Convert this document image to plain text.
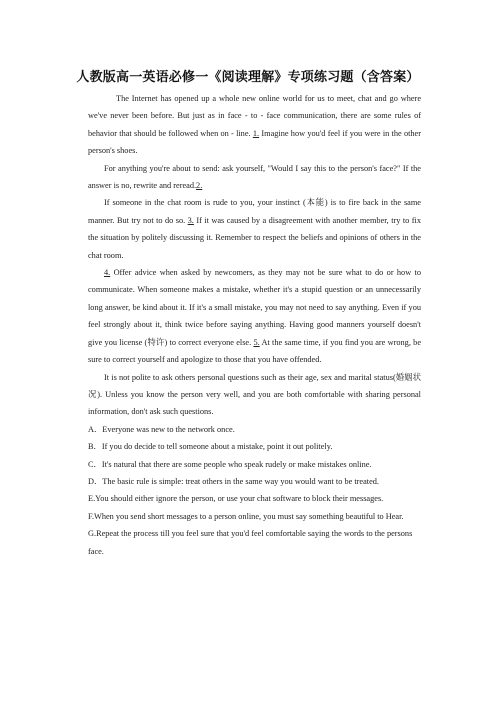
人教版高一英语必修一《阅读理解》专项练习题（含答案）

The Internet has opened up a whole new online world for us to meet, chat and go where we've never been before. But just as in face - to - face communication, there are some rules of behavior that should be followed when on - line. 1. Imagine how you'd feel if you were in the other person's shoes.

For anything you're about to send: ask yourself, "Would I say this to the person's face?" If the answer is no, rewrite and reread.2.

If someone in the chat room is rude to you, your instinct (本能) is to fire back in the same manner. But try not to do so. 3. If it was caused by a disagreement with another member, try to fix the situation by politely discussing it. Remember to respect the beliefs and opinions of others in the chat room.

4. Offer advice when asked by newcomers, as they may not be sure what to do or how to communicate. When someone makes a mistake, whether it's a stupid question or an unnecessarily long answer, be kind about it. If it's a small mistake, you may not need to say anything. Even if you feel strongly about it, think twice before saying anything. Having good manners yourself doesn't give you license (特许) to correct everyone else. 5. At the same time, if you find you are wrong, be sure to correct yourself and apologize to those that you have offended.

It is not polite to ask others personal questions such as their age, sex and marital status(婚姻状况). Unless you know the person very well, and you are both comfortable with sharing personal information, don't ask such questions.

A．Everyone was new to the network once.

B．If you do decide to tell someone about a mistake, point it out politely.

C．It's natural that there are some people who speak rudely or make mistakes online.

D．The basic rule is simple: treat others in the same way you would want to be treated.

E.You should either ignore the person, or use your chat software to block their messages.

F.When you send short messages to a person online, you must say something beautiful to Hear.

G.Repeat the process till you feel sure that you'd feel comfortable saying the words to the persons face.
